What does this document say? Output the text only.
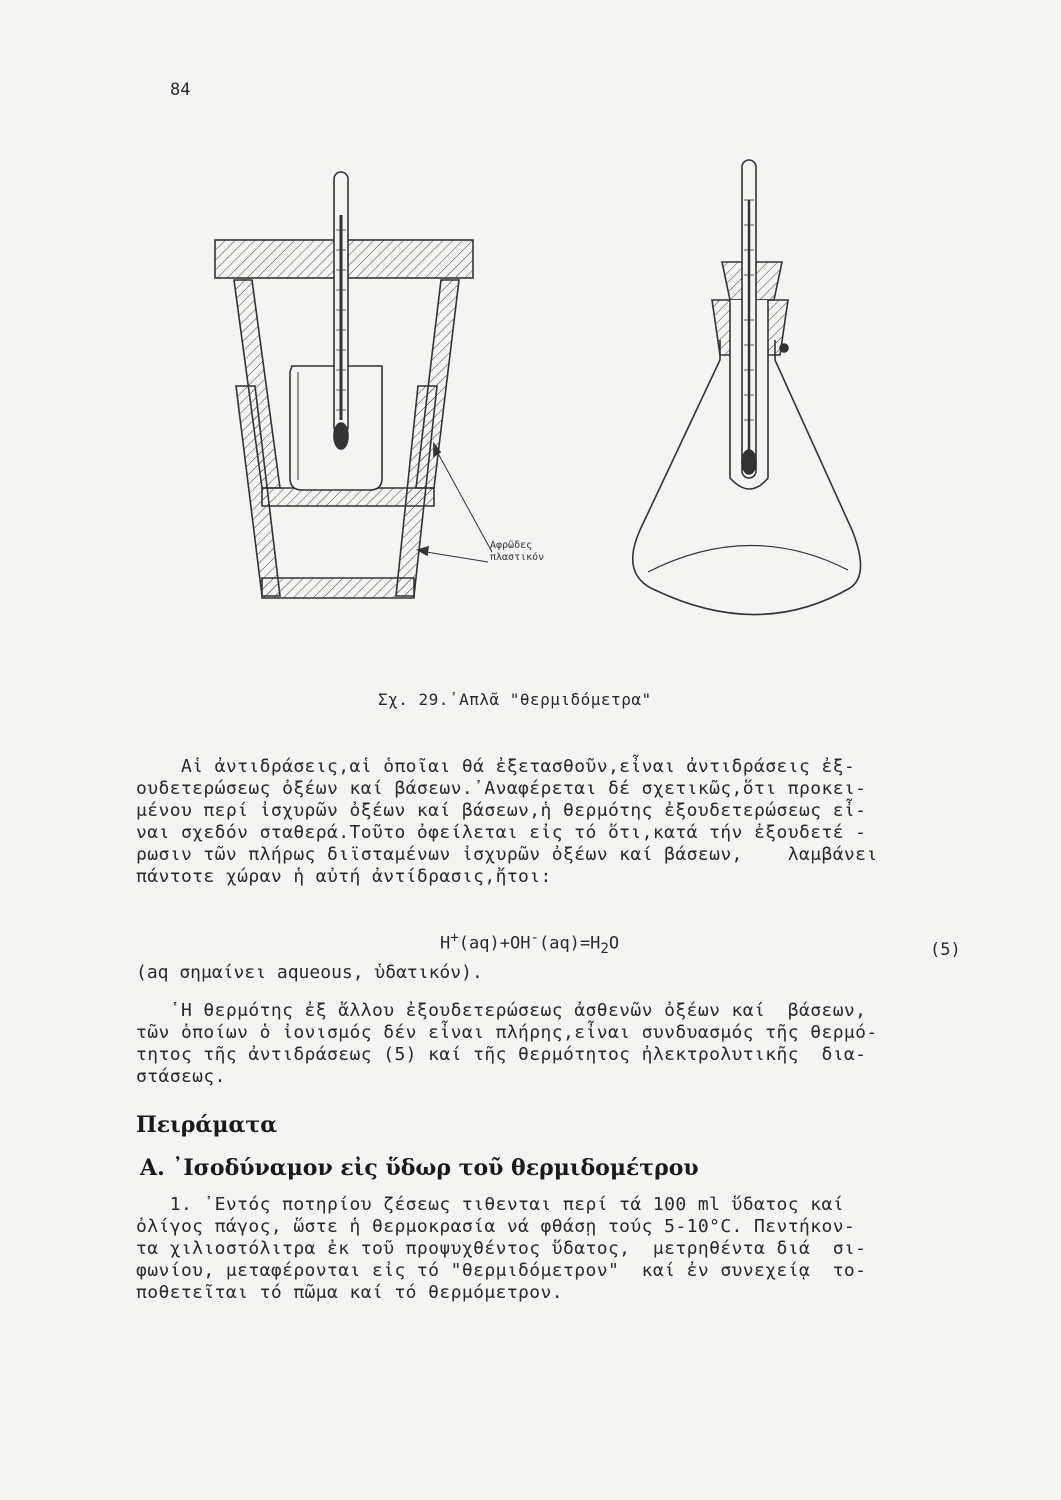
84
Αφρῶδες
πλαστικόν
Σχ. 29.᾿Απλᾶ "θερμιδόμετρα"
Αἱ ἀντιδράσεις,αἱ ὁποῖαι θά ἐξετασθοῦν,εἶναι ἀντιδράσεις ἐξ-
ουδετερώσεως ὀξέων καί βάσεων.᾿Αναφέρεται δέ σχετικῶς,ὅτι προκει-
μένου περί ἰσχυρῶν ὀξέων καί βάσεων,ἡ θερμότης ἐξουδετερώσεως εἶ-
ναι σχεδόν σταθερά.Τοῦτο ὀφείλεται εἰς τό ὅτι,κατά τήν ἐξουδετέ -
ρωσιν τῶν πλήρως διϊσταμένων ἰσχυρῶν ὀξέων καί βάσεων,    λαμβάνει
πάντοτε χώραν ἡ αὐτή ἀντίδρασις,ἤτοι:
$H^+(aq)+OH^-(aq)=H_2O$	(5)
(aq σημαίνει aqueous, ὑδατικόν).
῾Η θερμότης ἐξ ἄλλου ἐξουδετερώσεως ἀσθενῶν ὀξέων καί  βάσεων,
τῶν ὁποίων ὁ ἰονισμός δέν εἶναι πλήρης,εἶναι συνδυασμός τῆς θερμό-
τητος τῆς ἀντιδράσεως (5) καί τῆς θερμότητος ἠλεκτρολυτικῆς  δια-
στάσεως.
Πειράματα
A. ᾿Ισοδύναμον εἰς ὕδωρ τοῦ θερμιδομέτρου
1. ᾿Εντός ποτηρίου ζέσεως τιθενται περί τά 100 ml ὕδατος καί
ὀλίγος πάγος, ὥστε ἡ θερμοκρασία νά φθάσῃ τούς 5-10°C. Πεντήκον-
τα χιλιοστόλιτρα ἐκ τοῦ προψυχθέντος ὕδατος,  μετρηθέντα διά  σι-
φωνίου, μεταφέρονται εἰς τό "θερμιδόμετρον"  καί ἐν συνεχείᾳ  το-
ποθετεῖται τό πῶμα καί τό θερμόμετρον.
